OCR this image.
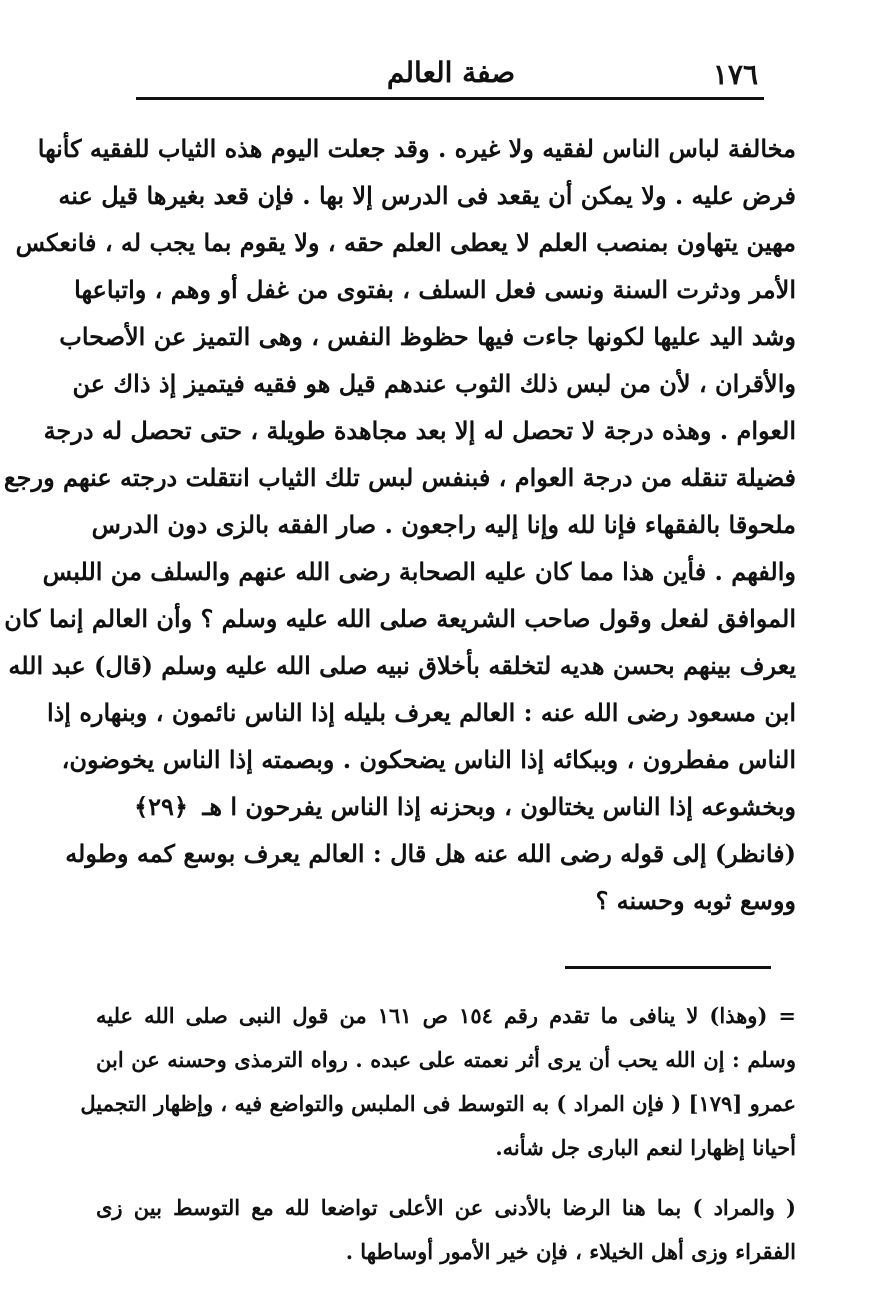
١٧٦
صفة العالم
مخالفة لباس الناس لفقيه ولا غيره . وقد جعلت اليوم هذه الثياب للفقيه كأنها
فرض عليه . ولا يمكن أن يقعد فى الدرس إلا بها . فإن قعد بغيرها قيل عنه
مهين يتهاون بمنصب العلم لا يعطى العلم حقه ، ولا يقوم بما يجب له ، فانعكس
الأمر ودثرت السنة ونسى فعل السلف ، بفتوى من غفل أو وهم ، واتباعها
وشد اليد عليها لكونها جاءت فيها حظوظ النفس ، وهى التميز عن الأصحاب
والأقران ، لأن من لبس ذلك الثوب عندهم قيل هو فقيه فيتميز إذ ذاك عن
العوام . وهذه درجة لا تحصل له إلا بعد مجاهدة طويلة ، حتى تحصل له درجة
فضيلة تنقله من درجة العوام ، فبنفس لبس تلك الثياب انتقلت درجته عنهم ورجع
ملحوقا بالفقهاء فإنا لله وإنا إليه راجعون . صار الفقه بالزى دون الدرس
والفهم . فأين هذا مما كان عليه الصحابة رضى الله عنهم والسلف من اللبس
الموافق لفعل وقول صاحب الشريعة صلى الله عليه وسلم ؟ وأن العالم إنما كان
يعرف بينهم بحسن هديه لتخلقه بأخلاق نبيه صلى الله عليه وسلم (قال) عبد الله
ابن مسعود رضى الله عنه : العالم يعرف بليله إذا الناس نائمون ، وبنهاره إذا
الناس مفطرون ، وببكائه إذا الناس يضحكون . وبصمته إذا الناس يخوضون،
وبخشوعه إذا الناس يختالون ، وبحزنه إذا الناس يفرحون ا هـ ﴿٢٩﴾
(فانظر) إلى قوله رضى الله عنه هل قال : العالم يعرف بوسع كمه وطوله
ووسع ثوبه وحسنه ؟
= (وهذا) لا ينافى ما تقدم رقم ١٥٤ ص ١٦١ من قول النبى صلى الله عليه
وسلم : إن الله يحب أن يرى أثر نعمته على عبده . رواه الترمذى وحسنه عن ابن
عمرو [١٧٩] ( فإن المراد ) به التوسط فى الملبس والتواضع فيه ، وإظهار التجميل
أحيانا إظهارا لنعم البارى جل شأنه.
( والمراد ) بما هنا الرضا بالأدنى عن الأعلى تواضعا لله مع التوسط بين زى
الفقراء وزى أهل الخيلاء ، فإن خير الأمور أوساطها .
